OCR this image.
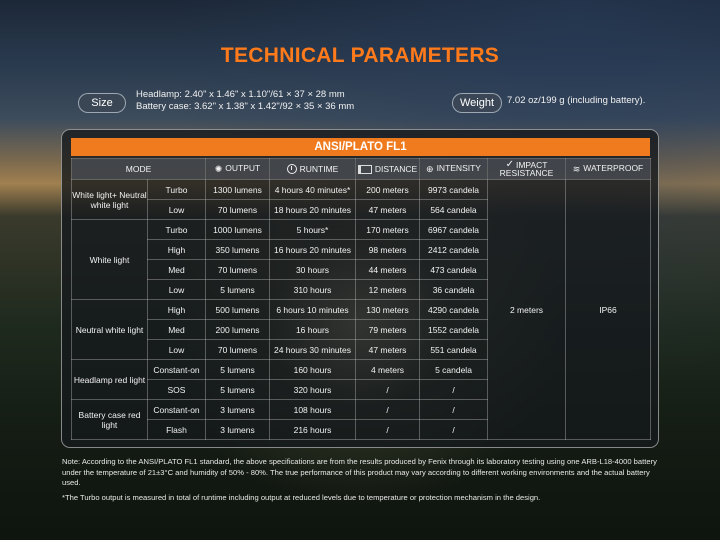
TECHNICAL PARAMETERS
Size
Headlamp: 2.40" x 1.46" x 1.10"/61 × 37 × 28 mm
Battery case: 3.62" x 1.38" x 1.42"/92 × 35 × 36 mm	Weight	7.02 oz/199 g (including battery).
ANSI/PLATO FL1
MODE		✺ OUTPUT	RUNTIME	DISTANCE	⊕ INTENSITY	✓ IMPACT RESISTANCE	≋ WATERPROOF
White light+ Neutral white light	Turbo	1300 lumens	4 hours 40 minutes*	200 meters	9973 candela	2 meters	IP66
	Low	70 lumens	18 hours 20 minutes	47 meters	564 candela		
White light	Turbo	1000 lumens	5 hours*	170 meters	6967 candela		
	High	350 lumens	16 hours 20 minutes	98 meters	2412 candela		
	Med	70 lumens	30 hours	44 meters	473 candela		
	Low	5 lumens	310 hours	12 meters	36 candela		
Neutral white light	High	500 lumens	6 hours 10 minutes	130 meters	4290 candela		
	Med	200 lumens	16 hours	79 meters	1552 candela		
	Low	70 lumens	24 hours 30 minutes	47 meters	551 candela		
Headlamp red light	Constant-on	5 lumens	160 hours	4 meters	5 candela		
	SOS	5 lumens	320 hours	/	/		
Battery case red light	Constant-on	3 lumens	108 hours	/	/		
	Flash	3 lumens	216 hours	/	/		
Note: According to the ANSI/PLATO FL1 standard, the above specifications are from the results produced by Fenix through its laboratory testing using one ARB-L18-4000 battery under the temperature of 21±3°C and humidity of 50% - 80%. The true performance of this product may vary according to different working environments and the actual battery used.
*The Turbo output is measured in total of runtime including output at reduced levels due to temperature or protection mechanism in the design.
